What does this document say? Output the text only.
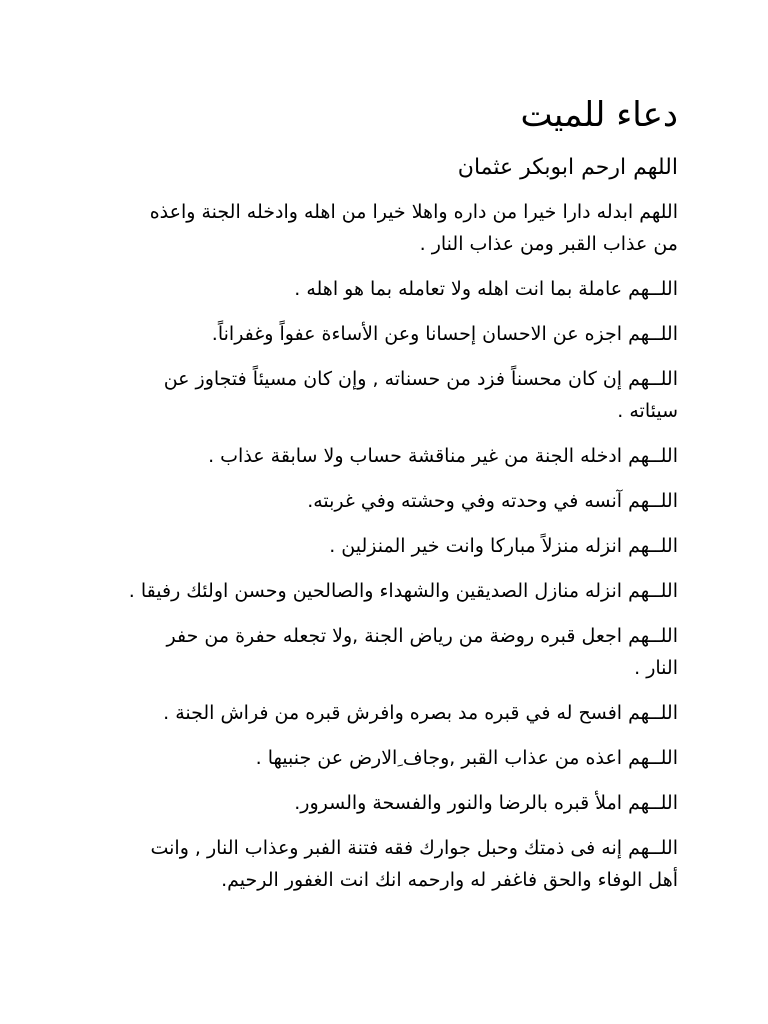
دعاء للميت
اللهم ارحم ابوبكر عثمان
اللهم ابدله دارا خيرا من داره واهلا خيرا من اهله وادخله الجنة واعذه
من عذاب القبر ومن عذاب النار .
اللــهم عاملة بما انت اهله ولا تعامله بما هو اهله .
اللــهم اجزه عن الاحسان إحسانا وعن الأساءة عفواً وغفراناً.
اللــهم إن كان محسناً فزد من حسناته , وإن كان مسيئاً فتجاوز عن
سيئاته .
اللــهم ادخله الجنة من غير مناقشة حساب ولا سابقة عذاب .
اللــهم آنسه في وحدته وفي وحشته وفي غربته.
اللــهم انزله منزلاً مباركا وانت خير المنزلين .
اللــهم انزله منازل الصديقين والشهداء والصالحين وحسن اولئك رفيقا .
اللــهم اجعل قبره روضة من رياض الجنة ,ولا تجعله حفرة من حفر
النار .
اللــهم افسح له في قبره مد بصره وافرش قبره من فراش الجنة .
اللــهم اعذه من عذاب القبر ,وجاف ِالارض عن جنبيها .
اللــهم املأ قبره بالرضا والنور والفسحة والسرور.
اللــهم إنه فى ذمتك وحبل جوارك فقه فتنة الفبر وعذاب النار , وانت
أهل الوفاء والحق فاغفر له وارحمه انك انت الغفور الرحيم.
